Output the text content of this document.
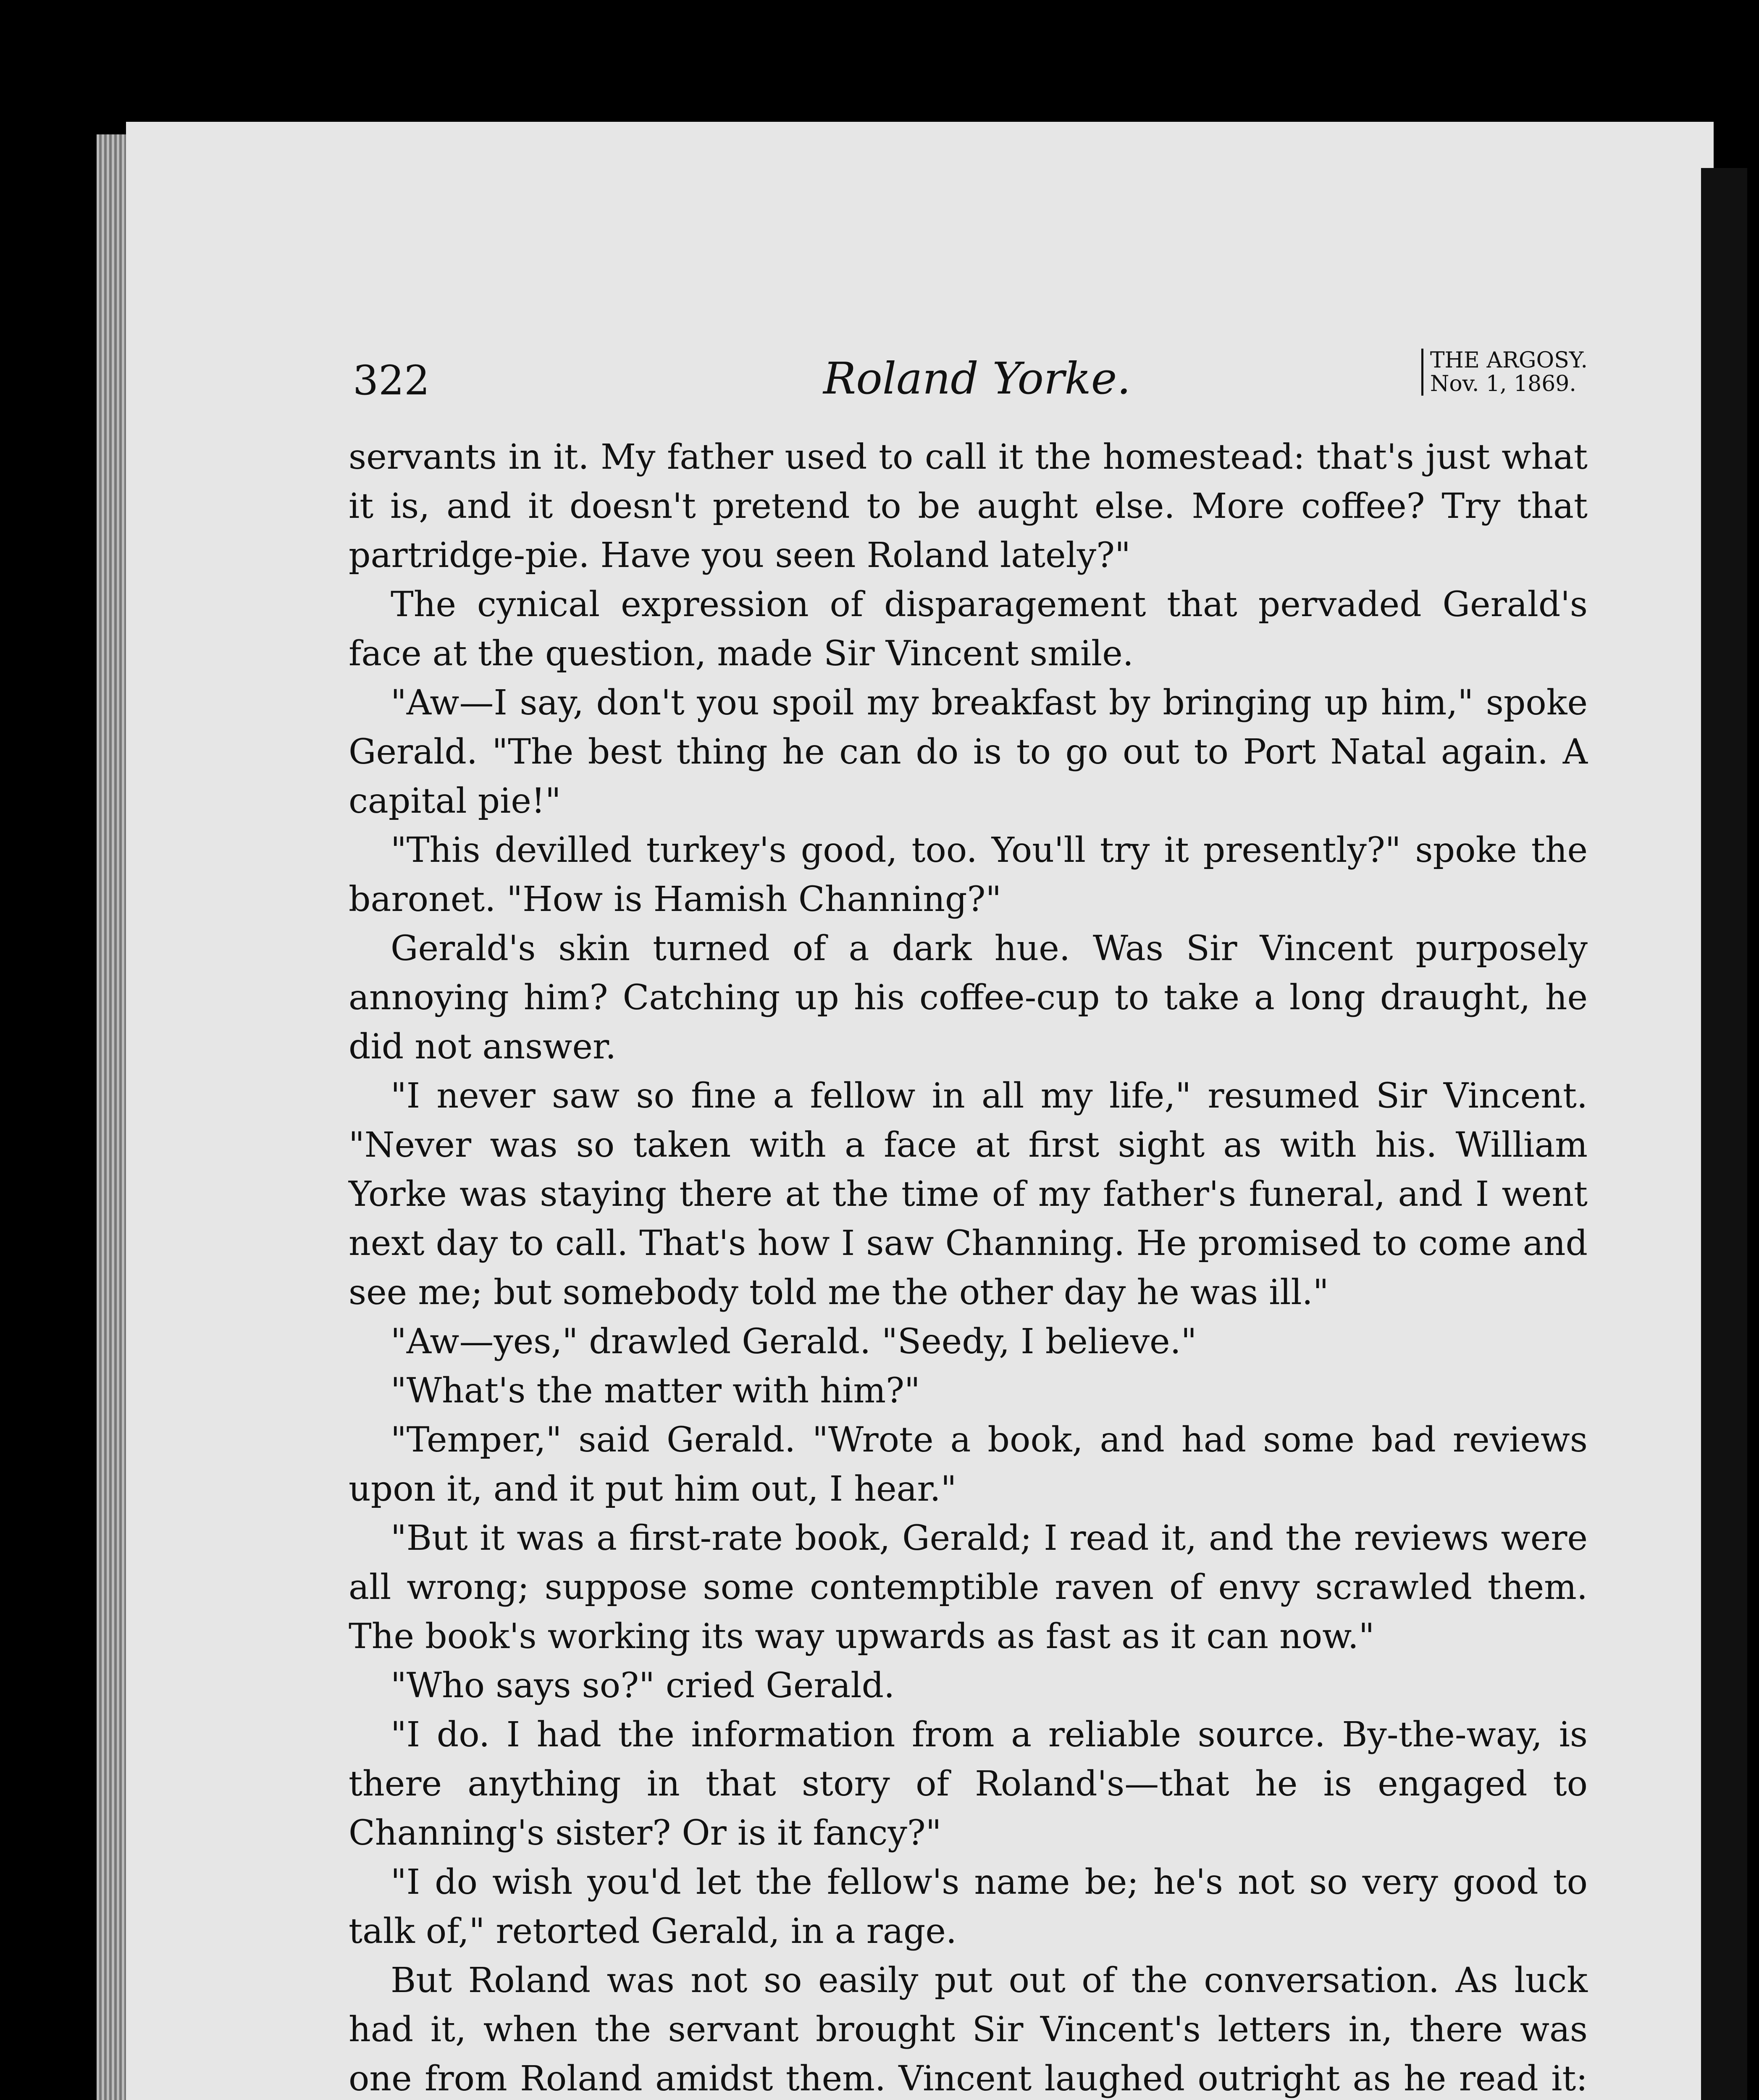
322	Roland Yorke.	THE ARGOSY.
Nov. 1, 1869.

servants in it. My father used to call it the homestead: that's just what it is, and it doesn't pretend to be aught else. More coffee? Try that partridge-pie. Have you seen Roland lately?"

The cynical expression of disparagement that pervaded Gerald's face at the question, made Sir Vincent smile.

"Aw—I say, don't you spoil my breakfast by bringing up him," spoke Gerald. "The best thing he can do is to go out to Port Natal again. A capital pie!"

"This devilled turkey's good, too. You'll try it presently?" spoke the baronet. "How is Hamish Channing?"

Gerald's skin turned of a dark hue. Was Sir Vincent purposely annoying him? Catching up his coffee-cup to take a long draught, he did not answer.

"I never saw so fine a fellow in all my life," resumed Sir Vincent. "Never was so taken with a face at first sight as with his. William Yorke was staying there at the time of my father's funeral, and I went next day to call. That's how I saw Channing. He promised to come and see me; but somebody told me the other day he was ill."

"Aw—yes," drawled Gerald. "Seedy, I believe."

"What's the matter with him?"

"Temper," said Gerald. "Wrote a book, and had some bad reviews upon it, and it put him out, I hear."

"But it was a first-rate book, Gerald; I read it, and the reviews were all wrong; suppose some contemptible raven of envy scrawled them. The book's working its way upwards as fast as it can now."

"Who says so?" cried Gerald.

"I do. I had the information from a reliable source. By-the-way, is there anything in that story of Roland's—that he is engaged to Channing's sister? Or is it fancy?"

"I do wish you'd let the fellow's name be; he's not so very good to talk of," retorted Gerald, in a rage.

But Roland was not so easily put out of the conversation. As luck had it, when the servant brought Sir Vincent's letters in, there was one from Roland amidst them. Vincent laughed outright as he read it:
